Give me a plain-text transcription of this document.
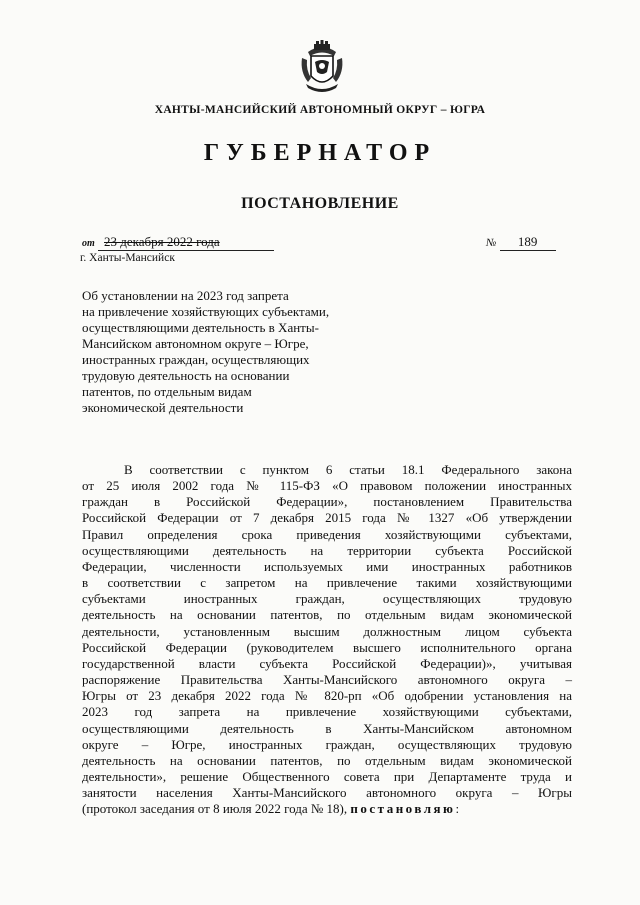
ХАНТЫ-МАНСИЙСКИЙ АВТОНОМНЫЙ ОКРУГ – ЮГРА
ГУБЕРНАТОР
ПОСТАНОВЛЕНИЕ
от 23 декабря 2022 года	№ 189
г. Ханты-Мансийск
Об установлении на 2023 год запрета
на привлечение хозяйствующих субъектами,
осуществляющими деятельность в Ханты-
Мансийском автономном округе – Югре,
иностранных граждан, осуществляющих
трудовую деятельность на основании
патентов, по отдельным видам
экономической деятельности
В соответствии с пунктом 6 статьи 18.1 Федерального закона
от 25 июля 2002 года № 115-ФЗ «О правовом положении иностранных
граждан в Российской Федерации», постановлением Правительства
Российской Федерации от 7 декабря 2015 года № 1327 «Об утверждении
Правил определения срока приведения хозяйствующими субъектами,
осуществляющими деятельность на территории субъекта Российской
Федерации, численности используемых ими иностранных работников
в соответствии с запретом на привлечение такими хозяйствующими
субъектами иностранных граждан, осуществляющих трудовую
деятельность на основании патентов, по отдельным видам экономической
деятельности, установленным высшим должностным лицом субъекта
Российской Федерации (руководителем высшего исполнительного органа
государственной власти субъекта Российской Федерации)», учитывая
распоряжение Правительства Ханты-Мансийского автономного округа –
Югры от 23 декабря 2022 года № 820-рп «Об одобрении установления на
2023 год запрета на привлечение хозяйствующими субъектами,
осуществляющими деятельность в Ханты-Мансийском автономном
округе – Югре, иностранных граждан, осуществляющих трудовую
деятельность на основании патентов, по отдельным видам экономической
деятельности», решение Общественного совета при Департаменте труда и
занятости населения Ханты-Мансийского автономного округа – Югры
(протокол заседания от 8 июля 2022 года № 18), постановляю:
